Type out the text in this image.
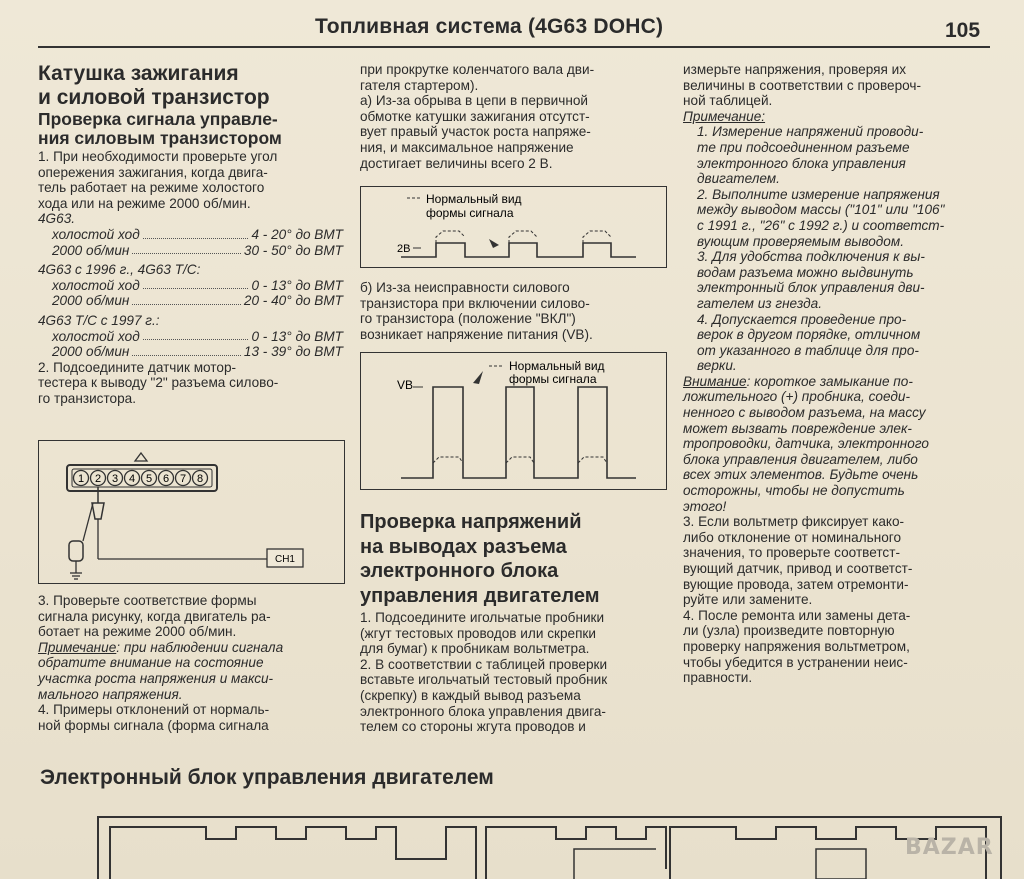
Топливная система (4G63 DOHC)	105
Катушка зажигания
и силовой транзистор
Проверка сигнала управле-
ния силовым транзистором

1. При необходимости проверьте угол

опережения зажигания, когда двига-

тель работает на режиме холостого

хода или на режиме 2000 об/мин.

4G63.

холостой ход	4 - 20° до ВМТ
2000 об/мин	30 - 50° до ВМТ

4G63 с 1996 г., 4G63 T/C:

холостой ход	0 - 13° до ВМТ
2000 об/мин	20 - 40° до ВМТ

4G63 T/C с 1997 г.:

холостой ход	0 - 13° до ВМТ
2000 об/мин	13 - 39° до ВМТ

2. Подсоедините датчик мотор-

тестера к выводу "2" разъема силово-

го транзистора.

1 2 3 4 5 6 7 8
CH1

3. Проверьте соответствие формы

сигнала рисунку, когда двигатель ра-

ботает на режиме 2000 об/мин.

Примечание: при наблюдении сигнала

обратите внимание на состояние

участка роста напряжения и макси-

мального напряжения.

4. Примеры отклонений от нормаль-

ной формы сигнала (форма сигнала

при прокрутке коленчатого вала дви-

гателя стартером).

а) Из-за обрыва в цепи в первичной

обмотке катушки зажигания отсутст-

вует правый участок роста напряже-

ния, и максимальное напряжение

достигает величины всего 2 В.

Нормальный вид
формы сигнала
2В

б) Из-за неисправности силового

транзистора при включении силово-

го транзистора (положение "ВКЛ")

возникает напряжение питания (VB).

Нормальный вид
формы сигнала
VB
Проверка напряжений
на выводах разъема
электронного блока
управления двигателем

1. Подсоедините игольчатые пробники

(жгут тестовых проводов или скрепки

для бумаг) к пробникам вольтметра.

2. В соответствии с таблицей проверки

вставьте игольчатый тестовый пробник

(скрепку) в каждый вывод разъема

электронного блока управления двига-

телем со стороны жгута проводов и

измерьте напряжения, проверяя их

величины в соответствии с провероч-

ной таблицей.

Примечание:

1. Измерение напряжений проводи-

те при подсоединенном разъеме

электронного блока управления

двигателем.

2. Выполните измерение напряжения

между выводом массы ("101" или "106"

с 1991 г., "26" с 1992 г.) и соответст-

вующим проверяемым выводом.

3. Для удобства подключения к вы-

водам разъема можно выдвинуть

электронный блок управления дви-

гателем из гнезда.

4. Допускается проведение про-

верок в другом порядке, отличном

от указанного в таблице для про-

верки.

Внимание: короткое замыкание по-

ложительного (+) пробника, соеди-

ненного с выводом разъема, на массу

может вызвать повреждение элек-

тропроводки, датчика, электронного

блока управления двигателем, либо

всех этих элементов. Будьте очень

осторожны, чтобы не допустить

этого!

3. Если вольтметр фиксирует како-

либо отклонение от номинального

значения, то проверьте соответст-

вующий датчик, привод и соответст-

вующие провода, затем отремонти-

руйте или замените.

4. После ремонта или замены дета-

ли (узла) произведите повторную

проверку напряжения вольтметром,

чтобы убедится в устранении неис-

правности.

Электронный блок управления двигателем
BAZAR
